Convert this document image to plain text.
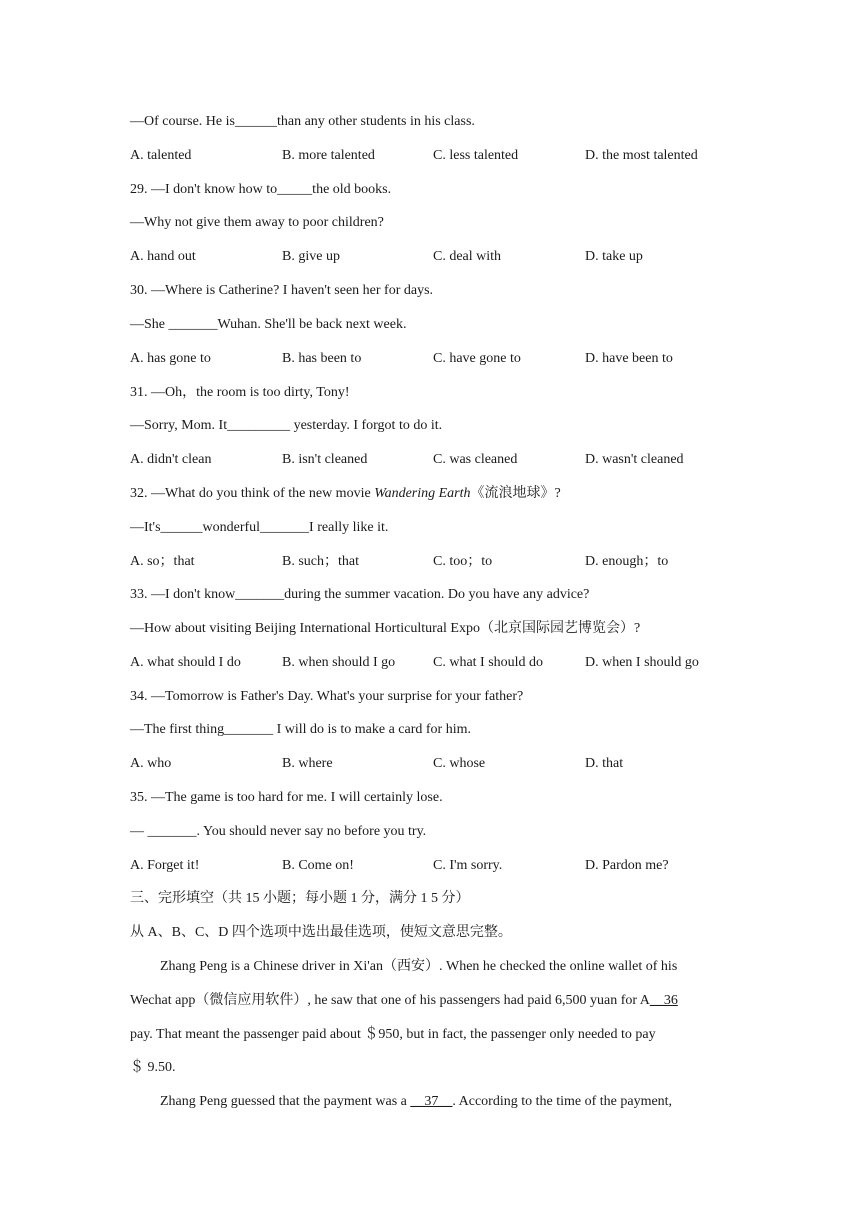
—Of course. He is______than any other students in his class.
A. talented	B. more talented	C. less talented	D. the most talented
29. —I don't know how to_____the old books.
—Why not give them away to poor children?
A. hand out	B. give up	C. deal with	D. take up
30. —Where is Catherine? I haven't seen her for days.
—She _______Wuhan. She'll be back next week.
A. has gone to	B. has been to	C. have gone to	D. have been to
31. —Oh，the room is too dirty, Tony!
—Sorry, Mom. It_________ yesterday. I forgot to do it.
A. didn't clean	B. isn't cleaned	C. was cleaned	D. wasn't cleaned
32. —What do you think of the new movie Wandering Earth《流浪地球》?
—It's______wonderful_______I really like it.
A. so；that	B. such；that	C. too；to	D. enough；to
33. —I don't know_______during the summer vacation. Do you have any advice?
—How about visiting Beijing International Horticultural Expo（北京国际园艺博览会）?
A. what should I do	B. when should I go	C. what I should do	D. when I should go
34. —Tomorrow is Father's Day. What's your surprise for your father?
—The first thing_______ I will do is to make a card for him.
A. who	B. where	C. whose	D. that
35. —The game is too hard for me. I will certainly lose.
— _______. You should never say no before you try.
A. Forget it!	B. Come on!	C. I'm sorry.	D. Pardon me?
三、完形填空（共 15 小题；每小题 1 分，满分 1 5 分）
从 A、B、C、D 四个选项中选出最佳选项，使短文意思完整。
Zhang Peng is a Chinese driver in Xi'an（西安）. When he checked the online wallet of his
Wechat app（微信应用软件）, he saw that one of his passengers had paid 6,500 yuan for A__36
pay. That meant the passenger paid about ＄950, but in fact, the passenger only needed to pay
＄ 9.50.
Zhang Peng guessed that the payment was a __37__. According to the time of the payment,
